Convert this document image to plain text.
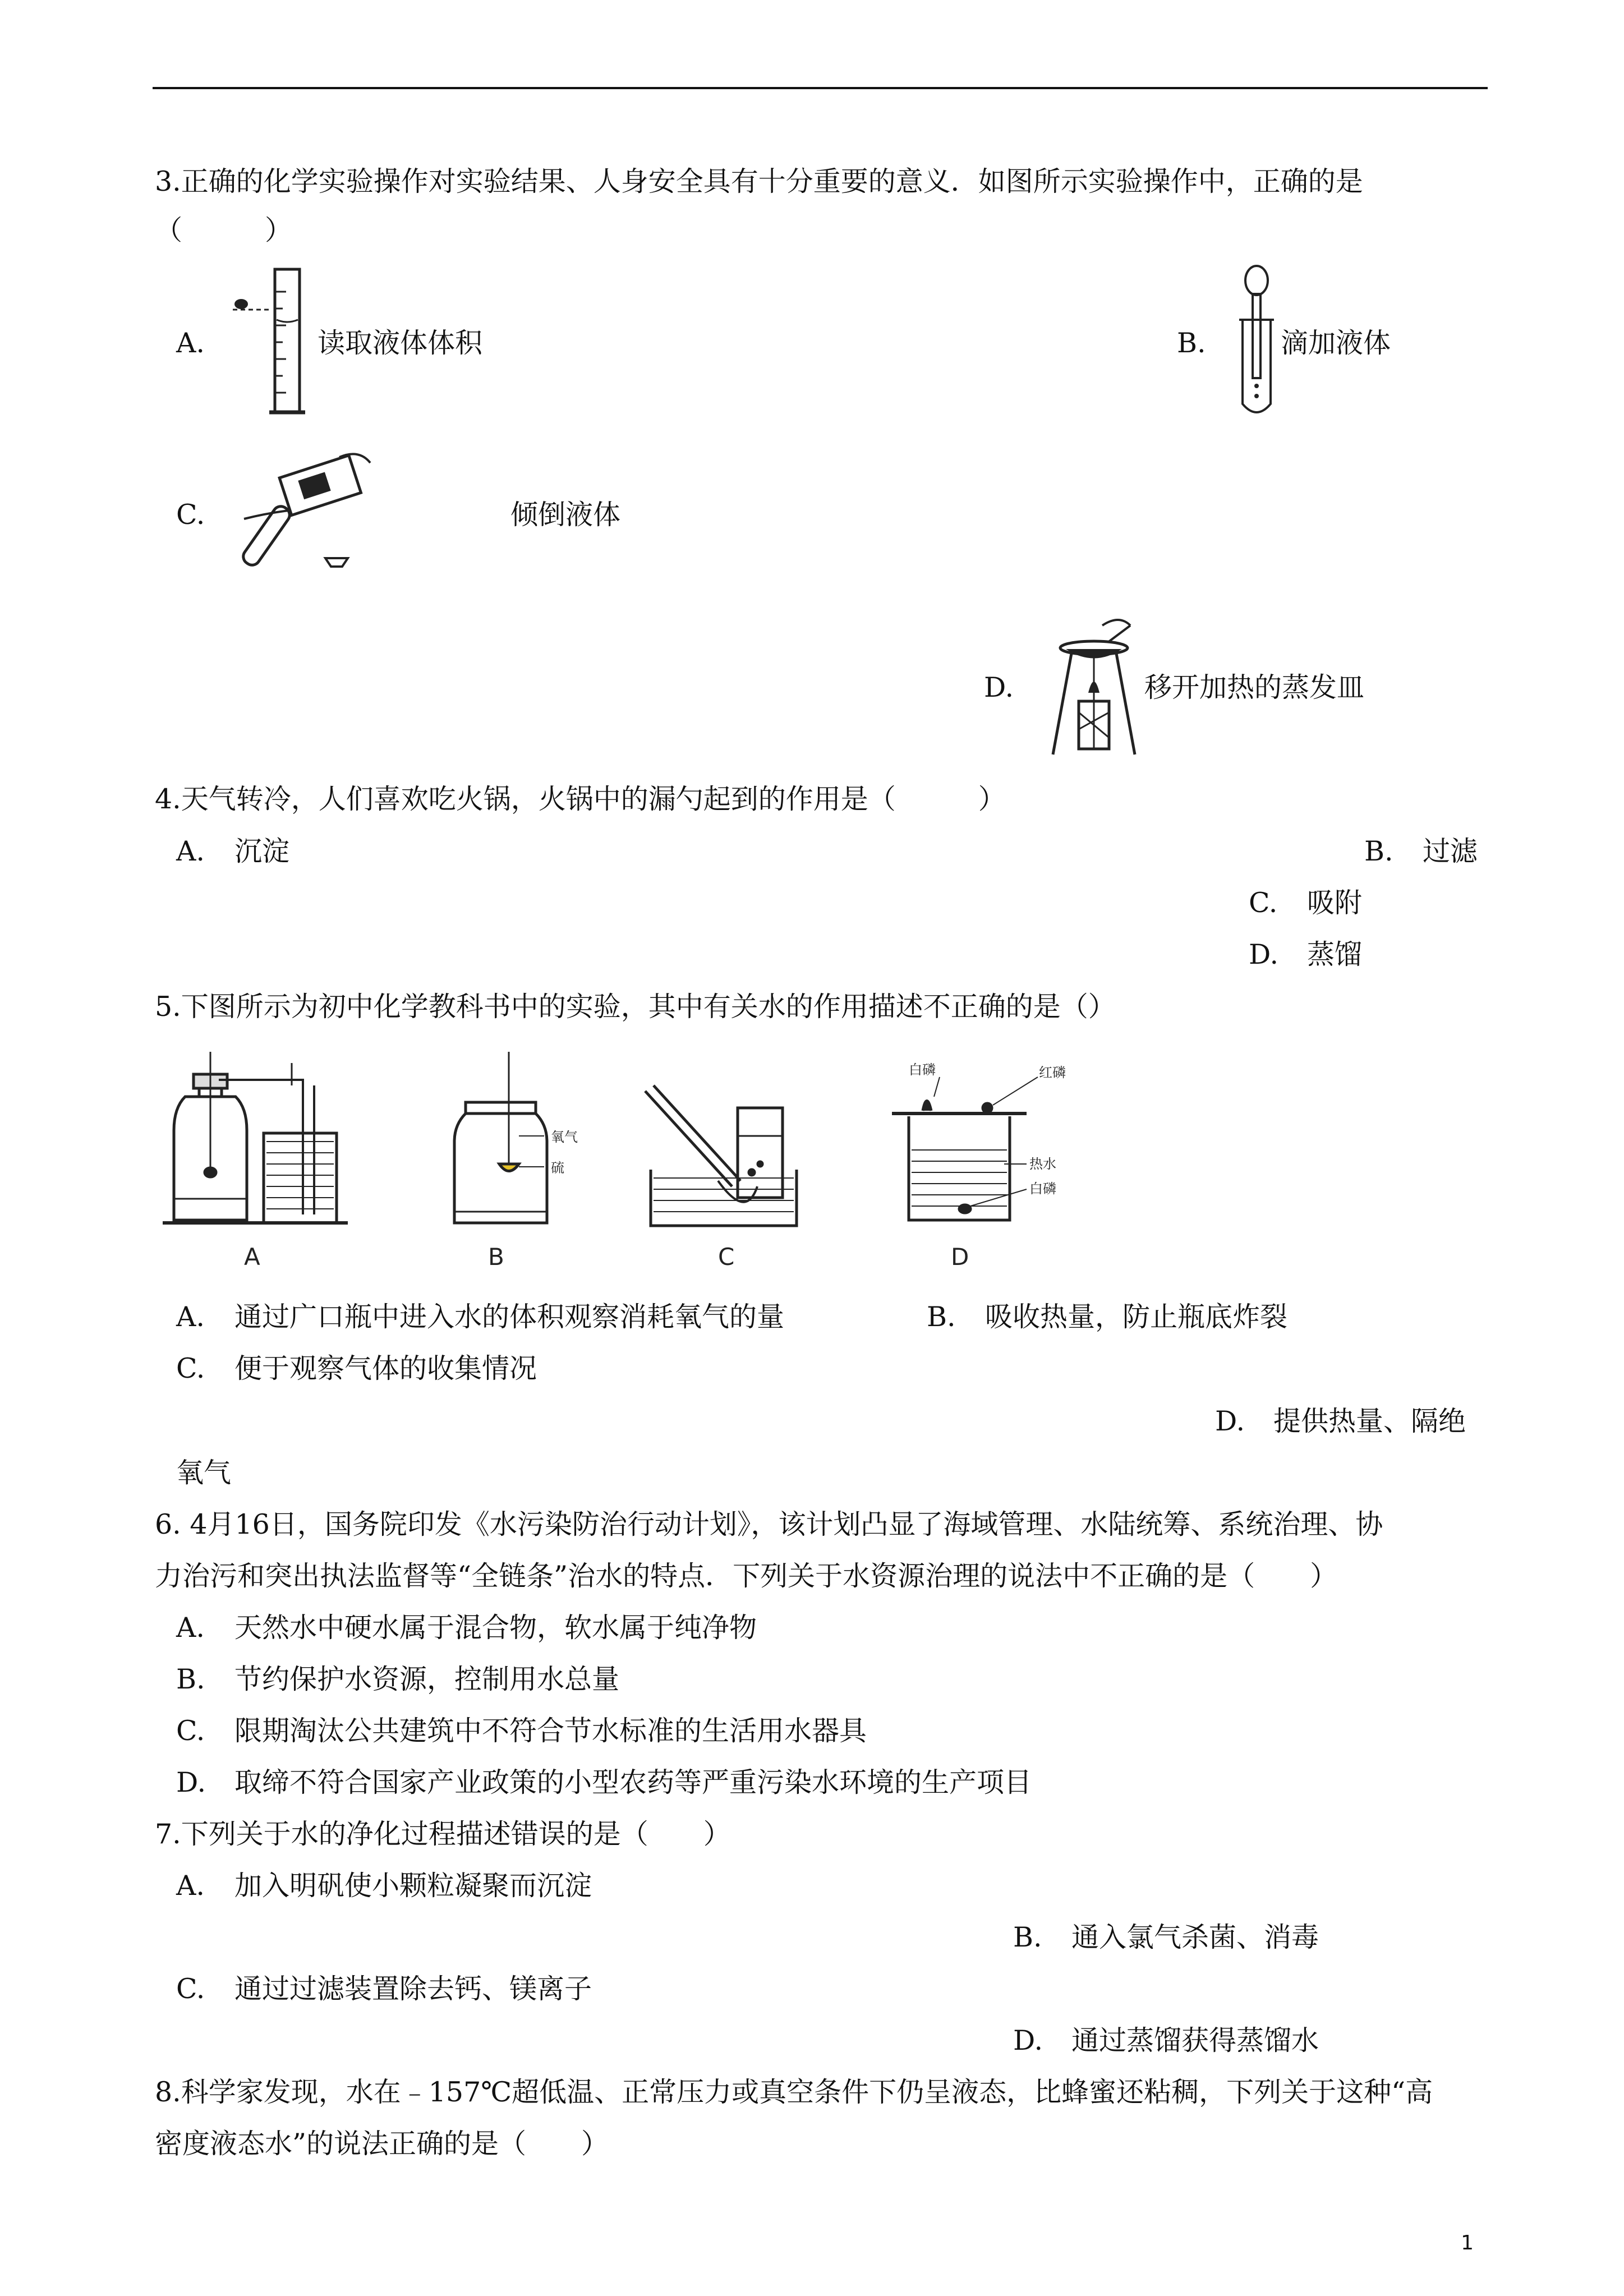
3.正确的化学实验操作对实验结果、人身安全具有十分重要的意义．如图所示实验操作中，正确的是
（　　　）
A.	读取液体体积	B.	滴加液体
C.	倾倒液体
D.	移开加热的蒸发皿
4.天气转冷，人们喜欢吃火锅，火锅中的漏勺起到的作用是（　　　）
A. 沉淀	B. 过滤
C. 吸附
D. 蒸馏
5.下图所示为初中化学教科书中的实验，其中有关水的作用描述不正确的是（）
A
氧气
硫
B	C
白磷	红磷
热水
白磷
D
A. 通过广口瓶中进入水的体积观察消耗氧气的量	B. 吸收热量，防止瓶底炸裂
C. 便于观察气体的收集情况
D. 提供热量、隔绝
氧气
6. 4月16日，国务院印发《水污染防治行动计划》，该计划凸显了海域管理、水陆统筹、系统治理、协
力治污和突出执法监督等“全链条”治水的特点．下列关于水资源治理的说法中不正确的是（　　）
A. 天然水中硬水属于混合物，软水属于纯净物
B. 节约保护水资源，控制用水总量
C. 限期淘汰公共建筑中不符合节水标准的生活用水器具
D. 取缔不符合国家产业政策的小型农药等严重污染水环境的生产项目
7.下列关于水的净化过程描述错误的是（　　）
A. 加入明矾使小颗粒凝聚而沉淀
B. 通入氯气杀菌、消毒
C. 通过过滤装置除去钙、镁离子
D. 通过蒸馏获得蒸馏水
8.科学家发现，水在﹣157℃超低温、正常压力或真空条件下仍呈液态，比蜂蜜还粘稠，下列关于这种“高
密度液态水”的说法正确的是（　　）
1
